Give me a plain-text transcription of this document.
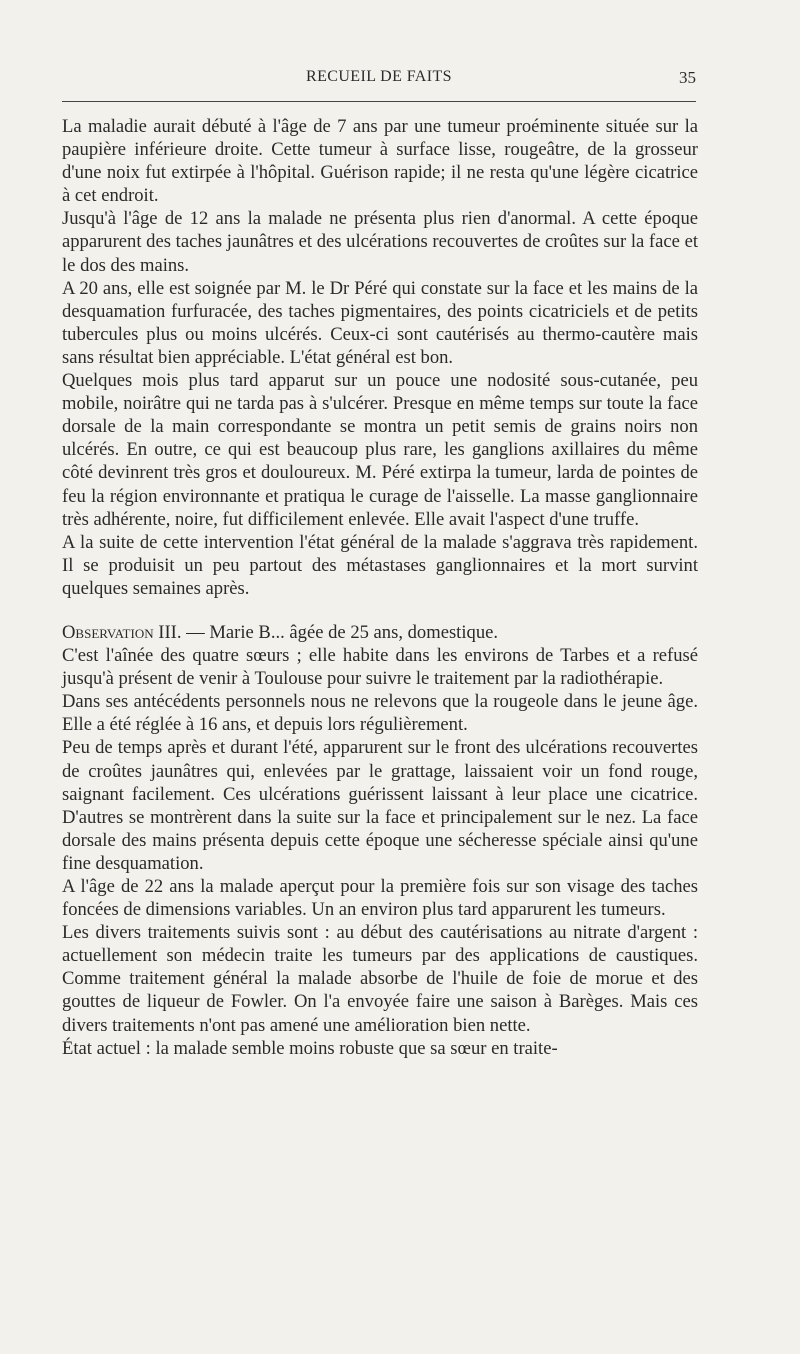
RECUEIL DE FAITS	35

La maladie aurait débuté à l'âge de 7 ans par une tumeur proéminente située sur la paupière inférieure droite. Cette tumeur à surface lisse, rougeâtre, de la grosseur d'une noix fut extirpée à l'hôpital. Guérison rapide; il ne resta qu'une légère cicatrice à cet endroit.

Jusqu'à l'âge de 12 ans la malade ne présenta plus rien d'anormal. A cette époque apparurent des taches jaunâtres et des ulcérations recouvertes de croûtes sur la face et le dos des mains.

A 20 ans, elle est soignée par M. le Dr Péré qui constate sur la face et les mains de la desquamation furfuracée, des taches pigmentaires, des points cicatriciels et de petits tubercules plus ou moins ulcérés. Ceux-ci sont cautérisés au thermo-cautère mais sans résultat bien appréciable. L'état général est bon.

Quelques mois plus tard apparut sur un pouce une nodosité sous-cutanée, peu mobile, noirâtre qui ne tarda pas à s'ulcérer. Presque en même temps sur toute la face dorsale de la main correspondante se montra un petit semis de grains noirs non ulcérés. En outre, ce qui est beaucoup plus rare, les ganglions axillaires du même côté devinrent très gros et douloureux. M. Péré extirpa la tumeur, larda de pointes de feu la région environnante et pratiqua le curage de l'aisselle. La masse ganglionnaire très adhérente, noire, fut difficilement enlevée. Elle avait l'aspect d'une truffe.

A la suite de cette intervention l'état général de la malade s'aggrava très rapidement. Il se produisit un peu partout des métastases ganglionnaires et la mort survint quelques semaines après.

Observation III. — Marie B... âgée de 25 ans, domestique.

C'est l'aînée des quatre sœurs ; elle habite dans les environs de Tarbes et a refusé jusqu'à présent de venir à Toulouse pour suivre le traitement par la radiothérapie.

Dans ses antécédents personnels nous ne relevons que la rougeole dans le jeune âge. Elle a été réglée à 16 ans, et depuis lors régulièrement.

Peu de temps après et durant l'été, apparurent sur le front des ulcérations recouvertes de croûtes jaunâtres qui, enlevées par le grattage, laissaient voir un fond rouge, saignant facilement. Ces ulcérations guérissent laissant à leur place une cicatrice. D'autres se montrèrent dans la suite sur la face et principalement sur le nez. La face dorsale des mains présenta depuis cette époque une sécheresse spéciale ainsi qu'une fine desquamation.

A l'âge de 22 ans la malade aperçut pour la première fois sur son visage des taches foncées de dimensions variables. Un an environ plus tard apparurent les tumeurs.

Les divers traitements suivis sont : au début des cautérisations au nitrate d'argent : actuellement son médecin traite les tumeurs par des applications de caustiques. Comme traitement général la malade absorbe de l'huile de foie de morue et des gouttes de liqueur de Fowler. On l'a envoyée faire une saison à Barèges. Mais ces divers traitements n'ont pas amené une amélioration bien nette.

État actuel : la malade semble moins robuste que sa sœur en traite-
